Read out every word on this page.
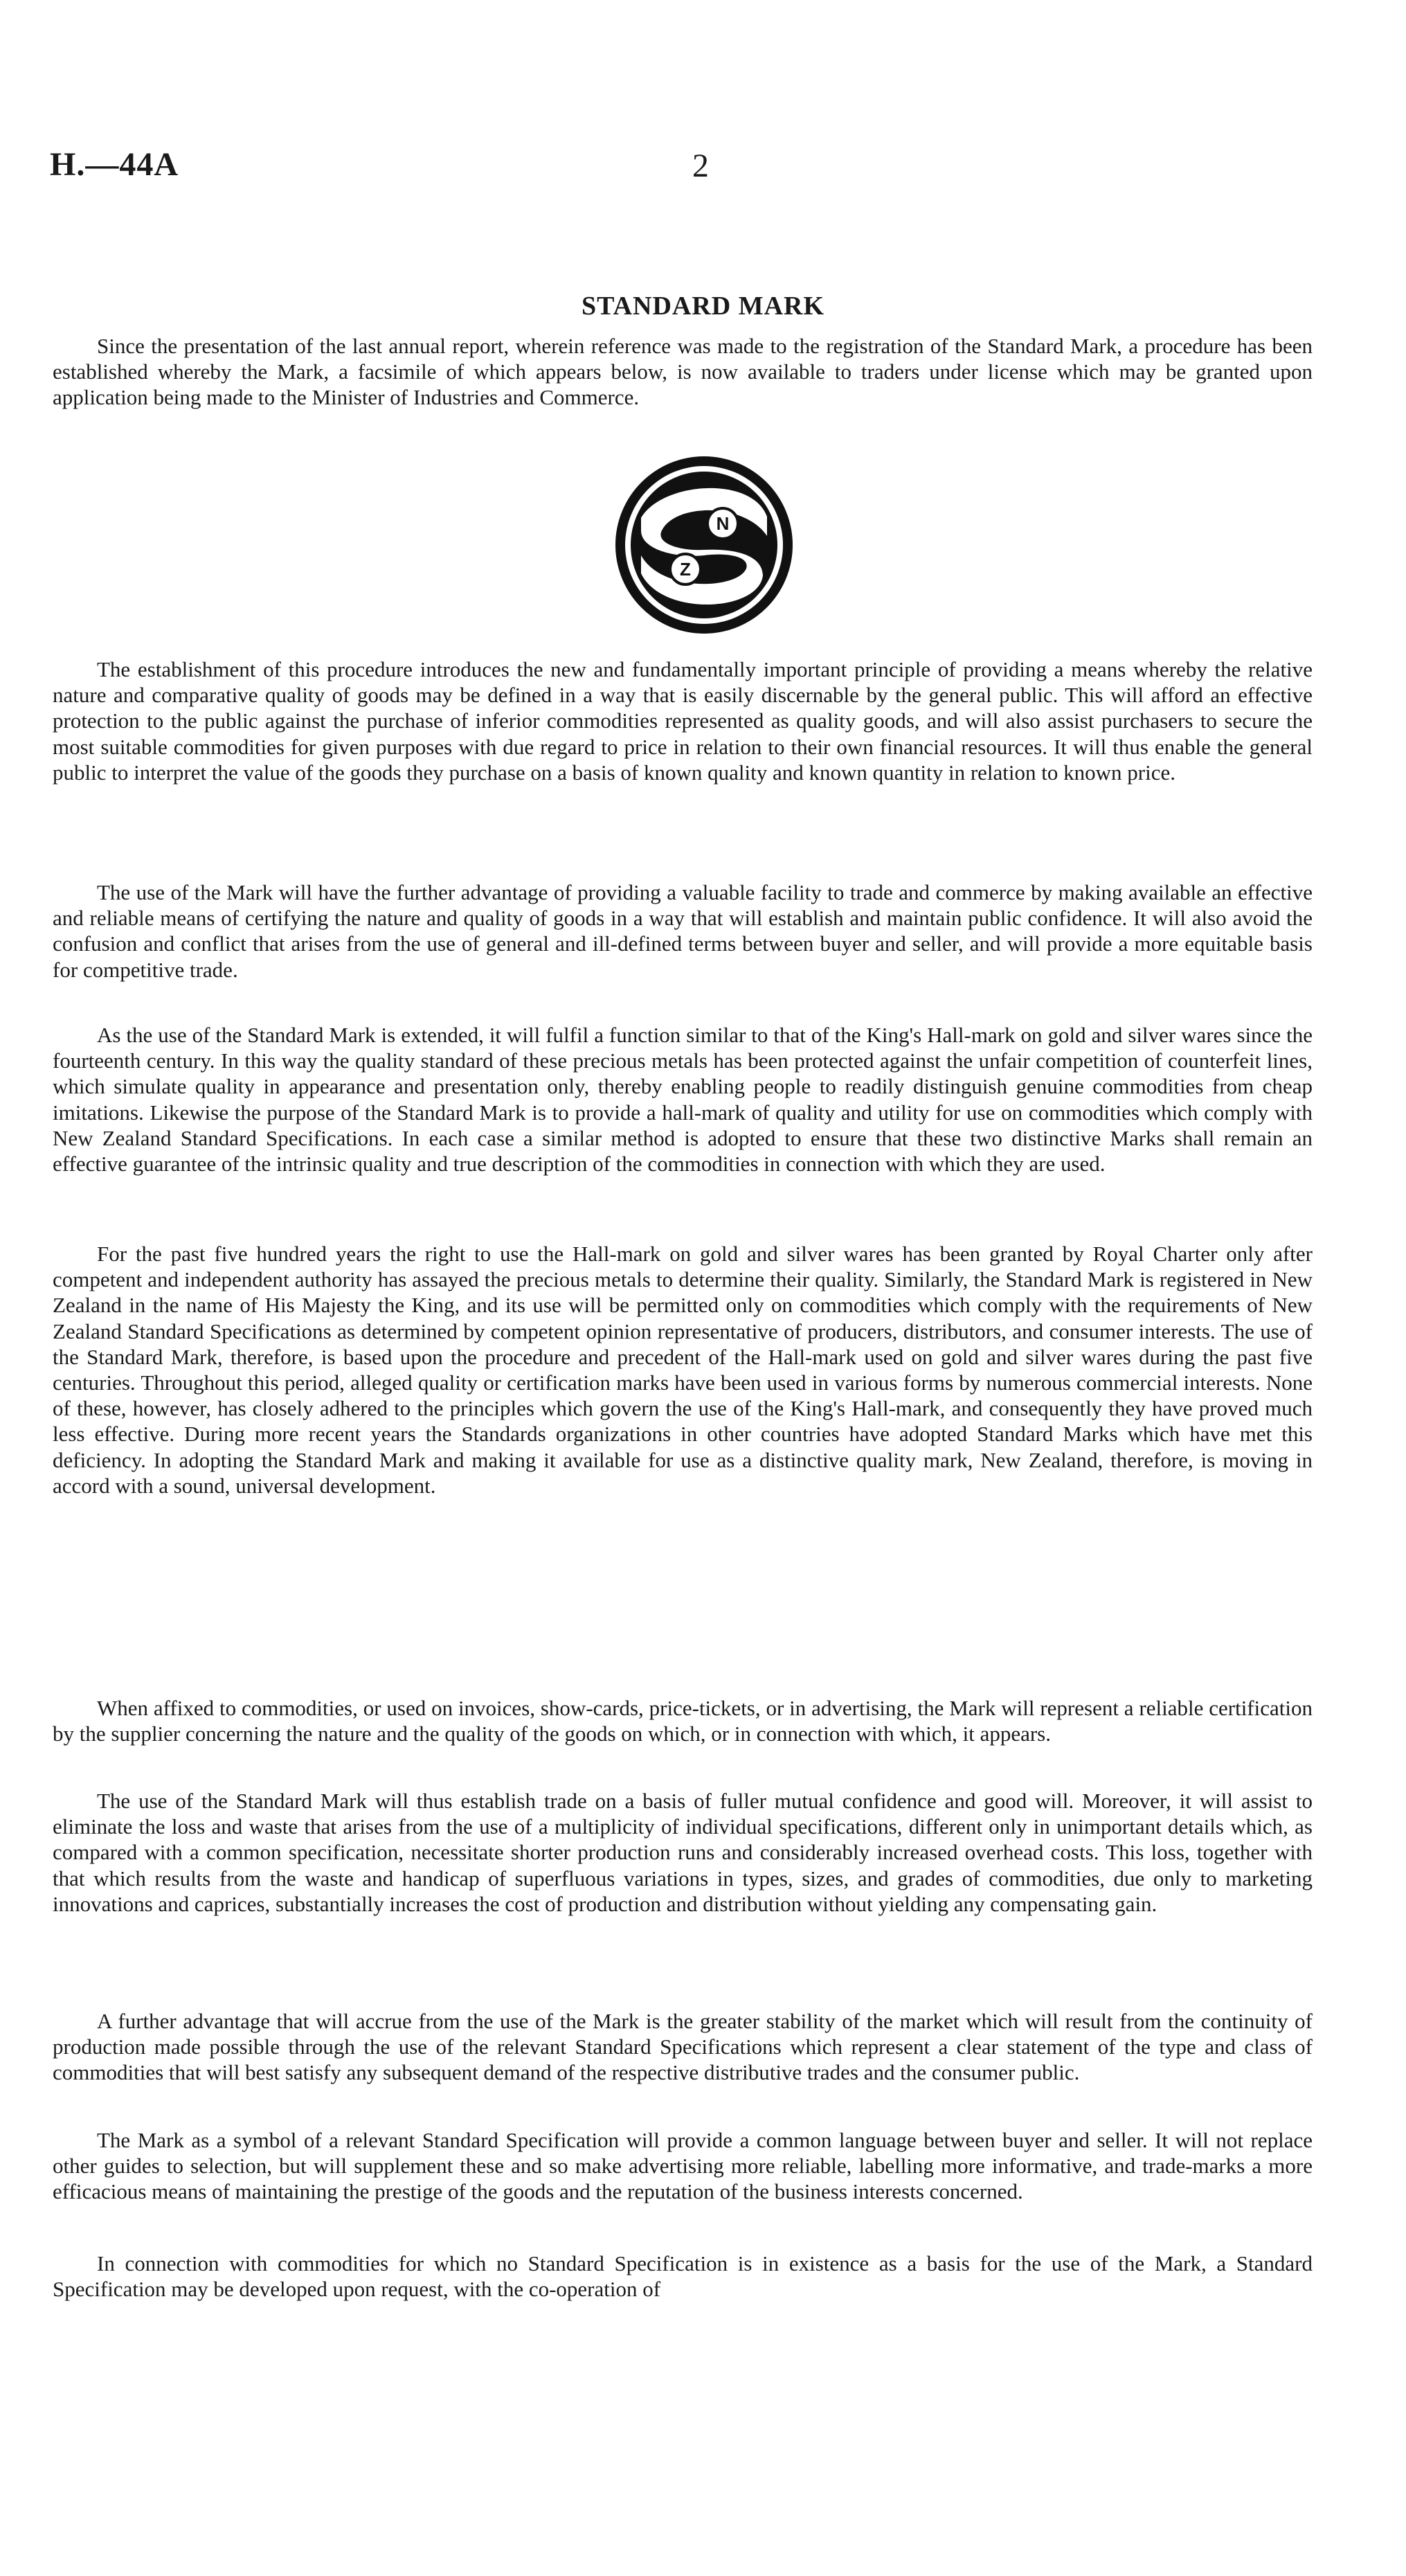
H.—44A	2
STANDARD MARK

Since the presentation of the last annual report, wherein reference was made to the registration of the Standard Mark, a procedure has been established whereby the Mark, a facsimile of which appears below, is now available to traders under license which may be granted upon application being made to the Minister of Industries and Commerce.

N
Z

The establishment of this procedure introduces the new and fundamentally important principle of providing a means whereby the relative nature and comparative quality of goods may be defined in a way that is easily discernable by the general public. This will afford an effective protection to the public against the purchase of inferior commodities represented as quality goods, and will also assist purchasers to secure the most suitable commodities for given purposes with due regard to price in relation to their own financial resources. It will thus enable the general public to interpret the value of the goods they purchase on a basis of known quality and known quantity in relation to known price.

The use of the Mark will have the further advantage of providing a valuable facility to trade and commerce by making available an effective and reliable means of certifying the nature and quality of goods in a way that will establish and maintain public confidence. It will also avoid the confusion and conflict that arises from the use of general and ill-defined terms between buyer and seller, and will provide a more equitable basis for competitive trade.

As the use of the Standard Mark is extended, it will fulfil a function similar to that of the King's Hall-mark on gold and silver wares since the fourteenth century. In this way the quality standard of these precious metals has been protected against the unfair competition of counterfeit lines, which simulate quality in appearance and presentation only, thereby enabling people to readily distinguish genuine commodities from cheap imitations. Likewise the purpose of the Standard Mark is to provide a hall-mark of quality and utility for use on commodities which comply with New Zealand Standard Specifications. In each case a similar method is adopted to ensure that these two distinctive Marks shall remain an effective guarantee of the intrinsic quality and true description of the commodities in connection with which they are used.

For the past five hundred years the right to use the Hall-mark on gold and silver wares has been granted by Royal Charter only after competent and independent authority has assayed the precious metals to determine their quality. Similarly, the Standard Mark is registered in New Zealand in the name of His Majesty the King, and its use will be permitted only on commodities which comply with the requirements of New Zealand Standard Specifications as determined by competent opinion representative of producers, distributors, and consumer interests. The use of the Standard Mark, therefore, is based upon the procedure and precedent of the Hall-mark used on gold and silver wares during the past five centuries. Throughout this period, alleged quality or certification marks have been used in various forms by numerous commercial interests. None of these, however, has closely adhered to the principles which govern the use of the King's Hall-mark, and consequently they have proved much less effective. During more recent years the Standards organizations in other countries have adopted Standard Marks which have met this deficiency. In adopting the Standard Mark and making it available for use as a distinctive quality mark, New Zealand, therefore, is moving in accord with a sound, universal development.

When affixed to commodities, or used on invoices, show-cards, price-tickets, or in advertising, the Mark will represent a reliable certification by the supplier concerning the nature and the quality of the goods on which, or in connection with which, it appears.

The use of the Standard Mark will thus establish trade on a basis of fuller mutual confidence and good will. Moreover, it will assist to eliminate the loss and waste that arises from the use of a multiplicity of individual specifications, different only in unimportant details which, as compared with a common specification, necessitate shorter production runs and considerably increased overhead costs. This loss, together with that which results from the waste and handicap of superfluous variations in types, sizes, and grades of commodities, due only to marketing innovations and caprices, substantially increases the cost of production and distribution without yielding any compensating gain.

A further advantage that will accrue from the use of the Mark is the greater stability of the market which will result from the continuity of production made possible through the use of the relevant Standard Specifications which represent a clear statement of the type and class of commodities that will best satisfy any subsequent demand of the respective distributive trades and the consumer public.

The Mark as a symbol of a relevant Standard Specification will provide a common language between buyer and seller. It will not replace other guides to selection, but will supplement these and so make advertising more reliable, labelling more informative, and trade-marks a more efficacious means of maintaining the prestige of the goods and the reputation of the business interests concerned.

In connection with commodities for which no Standard Specification is in existence as a basis for the use of the Mark, a Standard Specification may be developed upon request, with the co-operation of
